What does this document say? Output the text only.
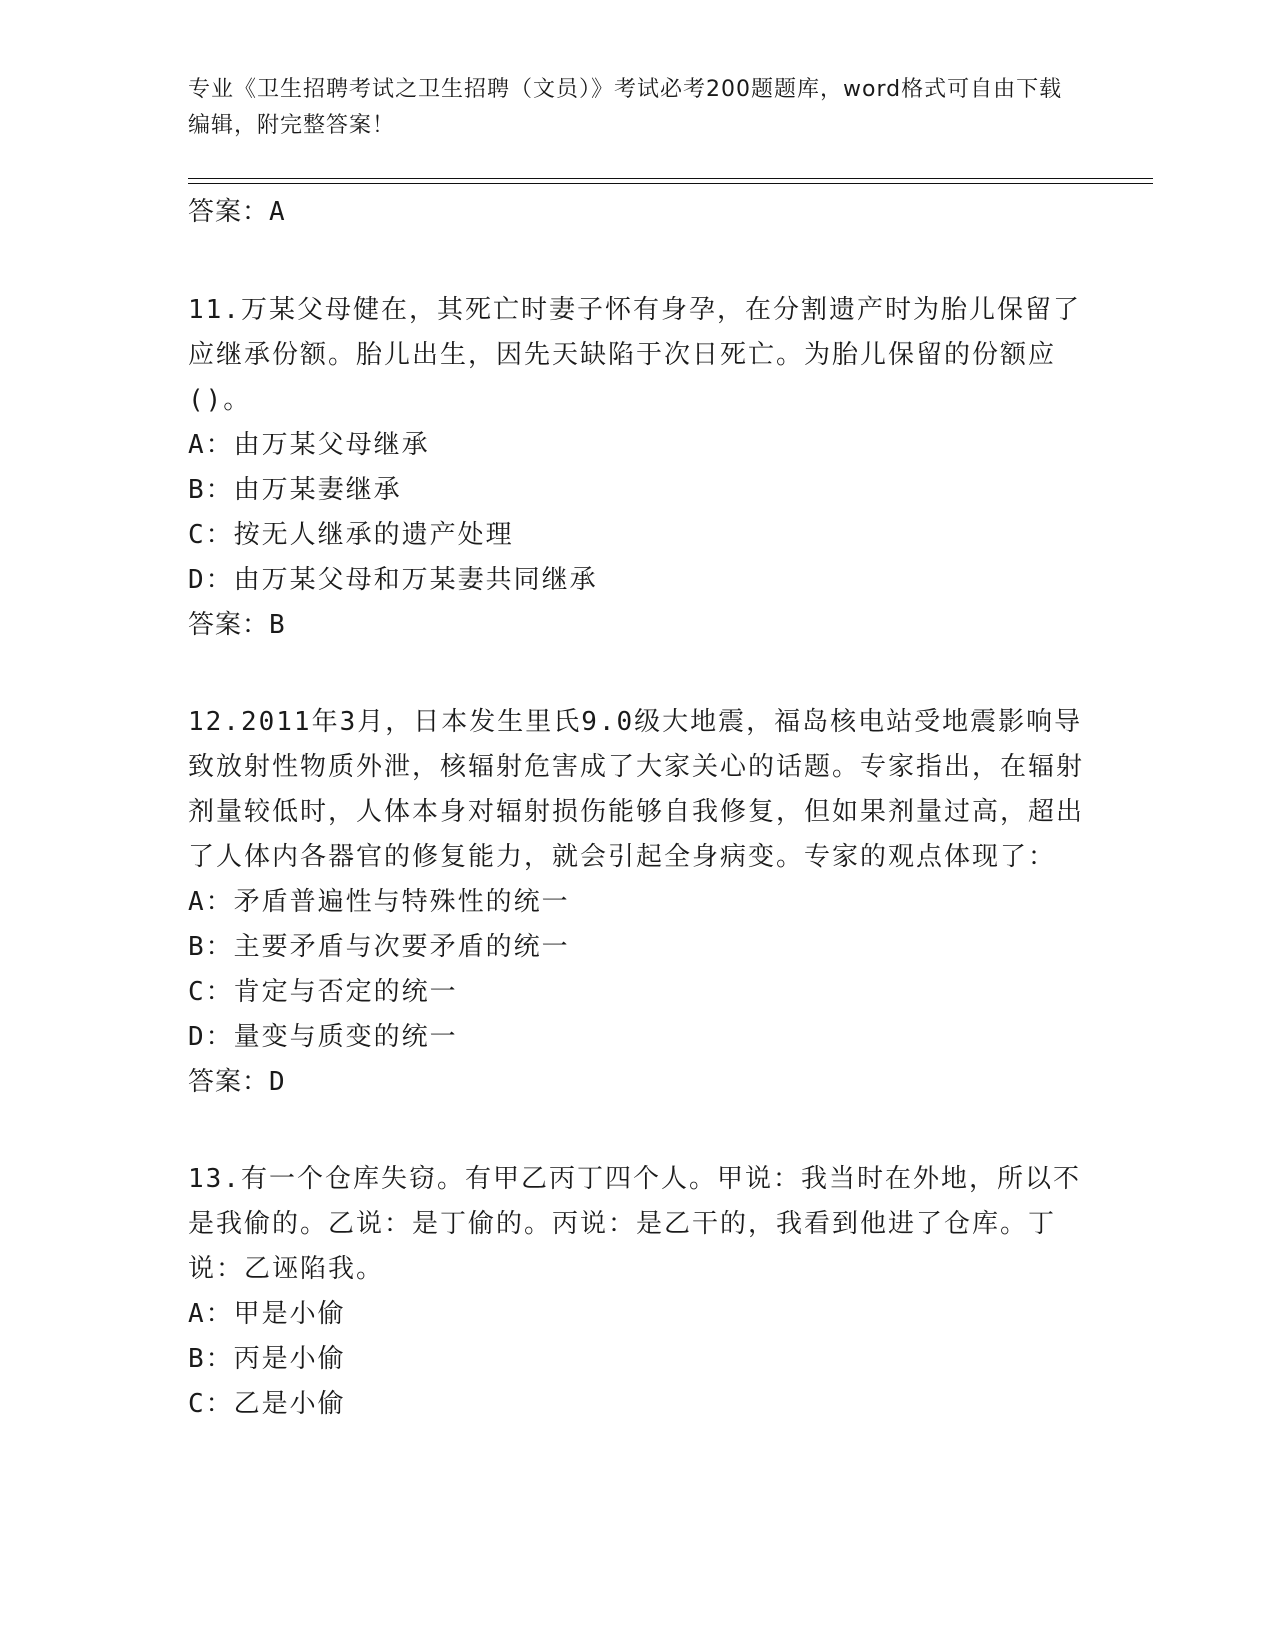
专业《卫生招聘考试之卫生招聘（文员）》考试必考200题题库，word格式可自由下载编辑，附完整答案！
答案：A
11.万某父母健在，其死亡时妻子怀有身孕，在分割遗产时为胎儿保留了应继承份额。胎儿出生，因先天缺陷于次日死亡。为胎儿保留的份额应()。
A：由万某父母继承
B：由万某妻继承
C：按无人继承的遗产处理
D：由万某父母和万某妻共同继承
答案：B
12.2011年3月，日本发生里氏9.0级大地震，福岛核电站受地震影响导致放射性物质外泄，核辐射危害成了大家关心的话题。专家指出，在辐射剂量较低时，人体本身对辐射损伤能够自我修复，但如果剂量过高，超出了人体内各器官的修复能力，就会引起全身病变。专家的观点体现了：
A：矛盾普遍性与特殊性的统一
B：主要矛盾与次要矛盾的统一
C：肯定与否定的统一
D：量变与质变的统一
答案：D
13.有一个仓库失窃。有甲乙丙丁四个人。甲说：我当时在外地，所以不是我偷的。乙说：是丁偷的。丙说：是乙干的，我看到他进了仓库。丁说：乙诬陷我。
A：甲是小偷
B：丙是小偷
C：乙是小偷
